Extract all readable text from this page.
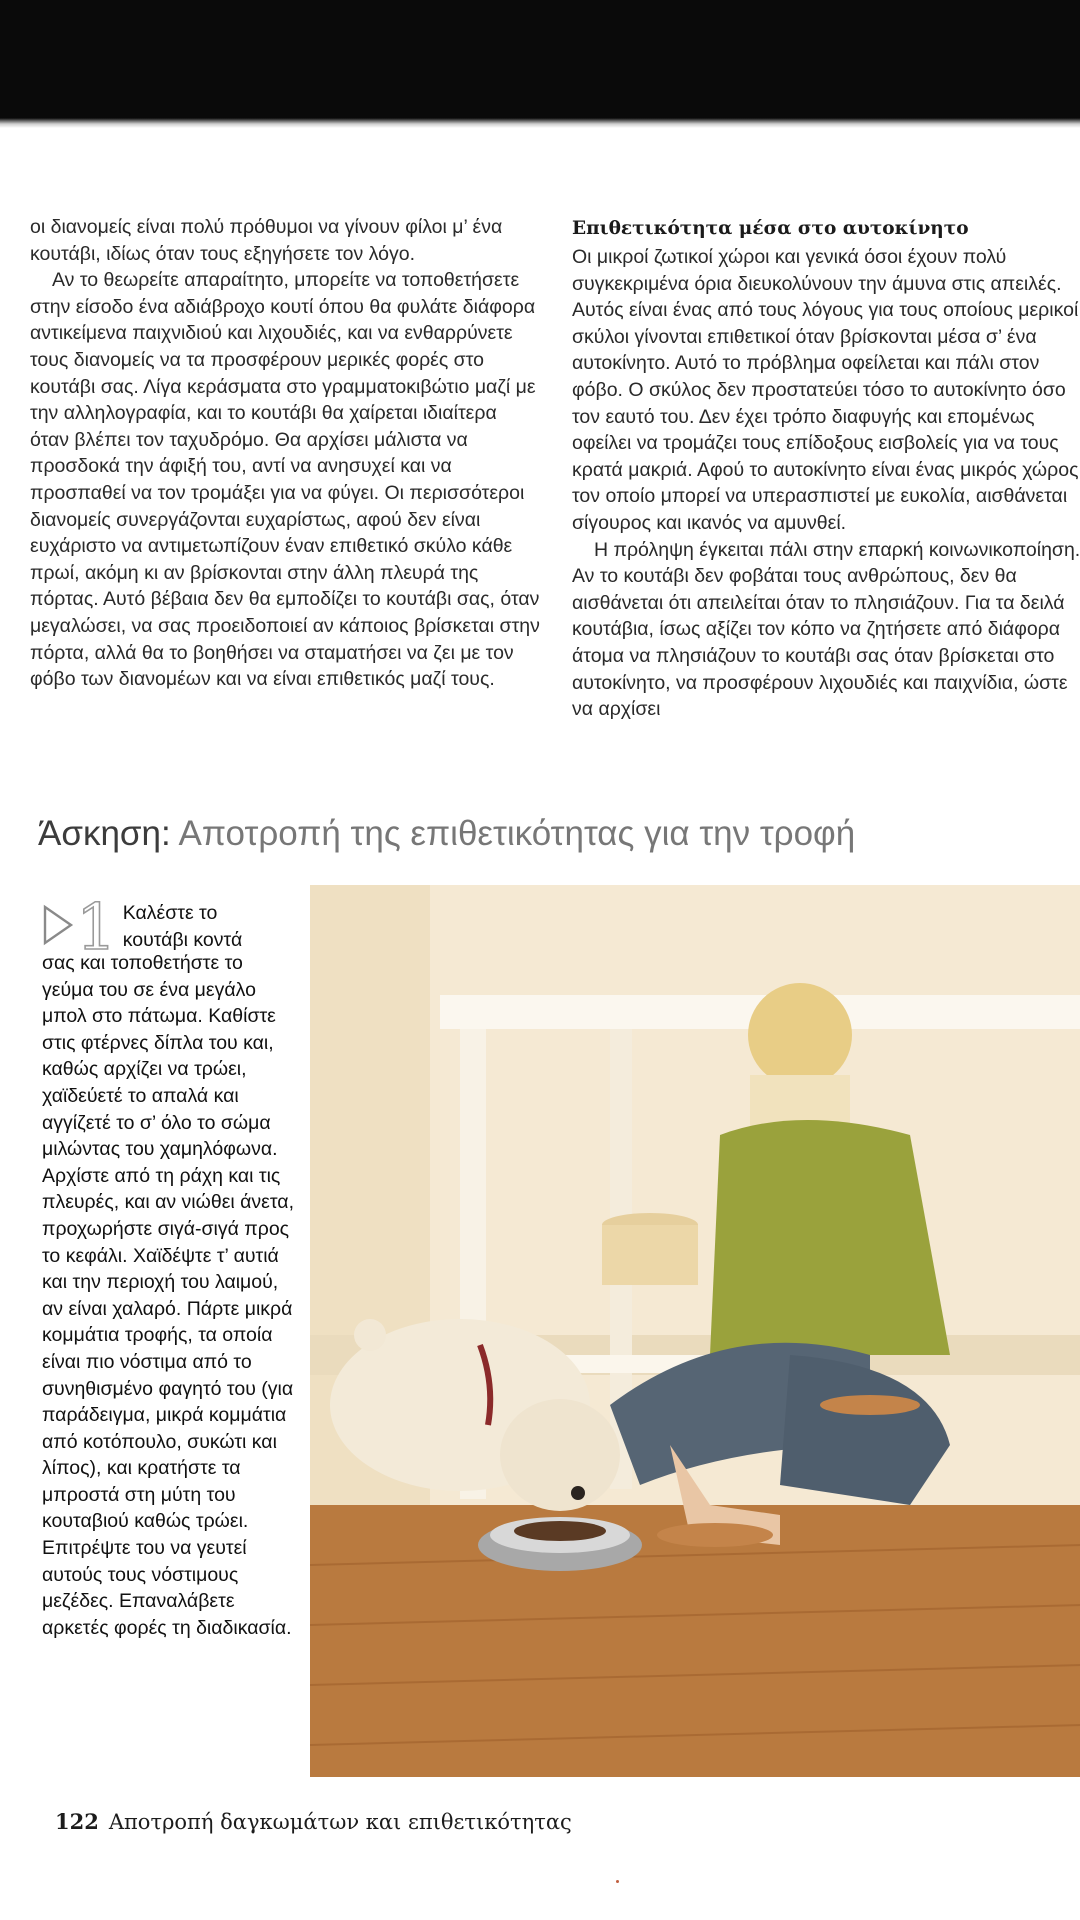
οι διανομείς είναι πολύ πρόθυμοι να γίνουν φίλοι μ’ ένα κουτάβι, ιδίως όταν τους εξηγήσετε τον λόγο.

Αν το θεωρείτε απαραίτητο, μπορείτε να τοποθετήσετε στην είσοδο ένα αδιάβροχο κουτί όπου θα φυλάτε διάφορα αντικείμενα παιχνιδιού και λιχουδιές, και να ενθαρρύνετε τους διανομείς να τα προσφέρουν μερικές φορές στο κουτάβι σας. Λίγα κεράσματα στο γραμματοκιβώτιο μαζί με την αλληλογραφία, και το κουτάβι θα χαίρεται ιδιαίτερα όταν βλέπει τον ταχυδρόμο. Θα αρχίσει μάλιστα να προσδοκά την άφιξή του, αντί να ανησυχεί και να προσπαθεί να τον τρομάξει για να φύγει. Οι περισσότεροι διανομείς συνεργάζονται ευχαρίστως, αφού δεν είναι ευχάριστο να αντιμετωπίζουν έναν επιθετικό σκύλο κάθε πρωί, ακόμη κι αν βρίσκονται στην άλλη πλευρά της πόρτας. Αυτό βέβαια δεν θα εμποδίζει το κουτάβι σας, όταν μεγαλώσει, να σας προειδοποιεί αν κάποιος βρίσκεται στην πόρτα, αλλά θα το βοηθήσει να σταματήσει να ζει με τον φόβο των διανομέων και να είναι επιθετικός μαζί τους.

Επιθετικότητα μέσα στο αυτοκίνητο

Οι μικροί ζωτικοί χώροι και γενικά όσοι έχουν πολύ συγκεκριμένα όρια διευκολύνουν την άμυνα στις απειλές. Αυτός είναι ένας από τους λόγους για τους οποίους μερικοί σκύλοι γίνονται επιθετικοί όταν βρίσκονται μέσα σ’ ένα αυτοκίνητο. Αυτό το πρόβλημα οφείλεται και πάλι στον φόβο. Ο σκύλος δεν προστατεύει τόσο το αυτοκίνητο όσο τον εαυτό του. Δεν έχει τρόπο διαφυγής και επομένως οφείλει να τρομάζει τους επίδοξους εισβολείς για να τους κρατά μακριά. Αφού το αυτοκίνητο είναι ένας μικρός χώρος τον οποίο μπορεί να υπερασπιστεί με ευκολία, αισθάνεται σίγουρος και ικανός να αμυνθεί.

Η πρόληψη έγκειται πάλι στην επαρκή κοινωνικοποίηση. Αν το κουτάβι δεν φοβάται τους ανθρώπους, δεν θα αισθάνεται ότι απειλείται όταν το πλησιάζουν. Για τα δειλά κουτάβια, ίσως αξίζει τον κόπο να ζητήσετε από διάφορα άτομα να πλησιάζουν το κουτάβι σας όταν βρίσκεται στο αυτοκίνητο, να προσφέρουν λιχουδιές και παιχνίδια, ώστε να αρχίσει

Άσκηση: Αποτροπή της επιθετικότητας για την τροφή
1 Καλέστε το κουτάβι κοντά
σας και τοποθετήστε το γεύμα του σε ένα μεγάλο μπολ στο πάτωμα. Καθίστε στις φτέρνες δίπλα του και, καθώς αρχίζει να τρώει, χαϊδεύετέ το απαλά και αγγίζετέ το σ’ όλο το σώμα μιλώντας του χαμηλόφωνα. Αρχίστε από τη ράχη και τις πλευρές, και αν νιώθει άνετα, προχωρήστε σιγά-σιγά προς το κεφάλι. Χαϊδέψτε τ’ αυτιά και την περιοχή του λαιμού, αν είναι χαλαρό. Πάρτε μικρά κομμάτια τροφής, τα οποία είναι πιο νόστιμα από το συνηθισμένο φαγητό του (για παράδειγμα, μικρά κομμάτια από κοτόπουλο, συκώτι και λίπος), και κρατήστε τα μπροστά στη μύτη του κουταβιού καθώς τρώει. Επιτρέψτε του να γευτεί αυτούς τους νόστιμους μεζέδες. Επαναλάβετε αρκετές φορές τη διαδικασία.
122 Αποτροπή δαγκωμάτων και επιθετικότητας
